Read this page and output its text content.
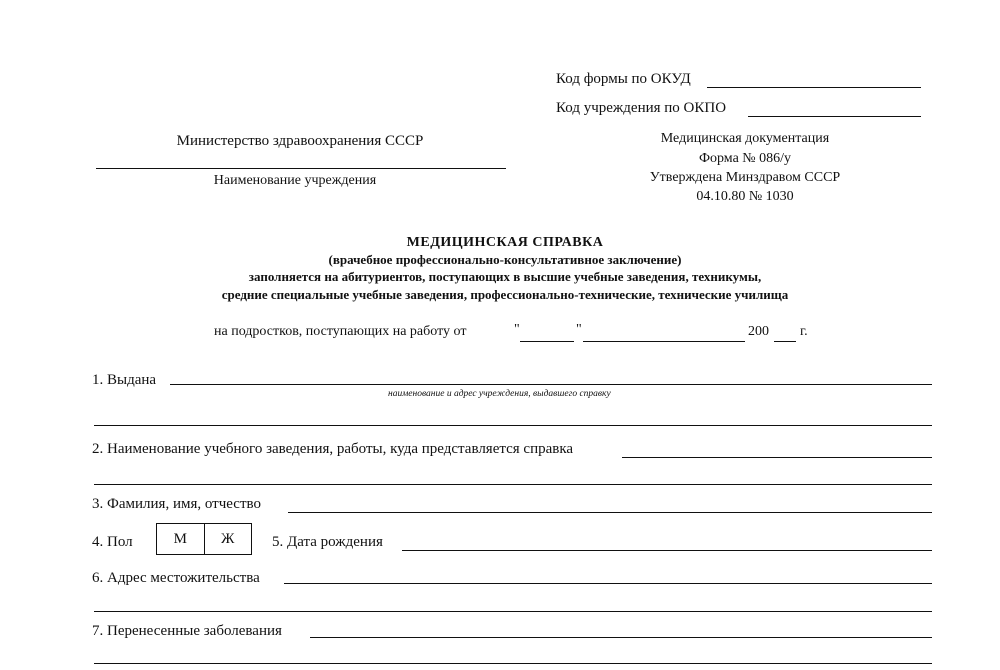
Код формы по ОКУД
Код учреждения по ОКПО
Министерство здравоохранения СССР
Наименование учреждения
Медицинская документация
Форма № 086/у
Утверждена Минздравом СССР
04.10.80 № 1030
МЕДИЦИНСКАЯ СПРАВКА
(врачебное профессионально-консультативное заключение)
заполняется на абитуриентов, поступающих в высшие учебные заведения, техникумы,
средние специальные учебные заведения, профессионально-технические, технические училища
на подростков, поступающих на работу от	"	"	200 г.
1. Выдана
наименование и адрес учреждения, выдавшего справку
2. Наименование учебного заведения, работы, куда представляется справка
3. Фамилия, имя, отчество
4. Пол	М	Ж	5. Дата рождения
6. Адрес местожительства
7. Перенесенные заболевания
